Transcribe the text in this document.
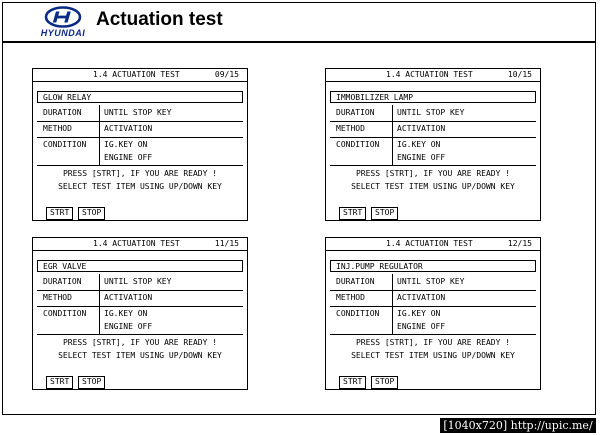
HYUNDAI
Actuation test
1.4 ACTUATION TEST	09/15
GLOW RELAY
DURATION	UNTIL STOP KEY
METHOD	ACTIVATION
CONDITION IG.KEY ON
ENGINE OFF
PRESS [STRT], IF YOU ARE READY !
SELECT TEST ITEM USING UP/DOWN KEY
STRT	STOP
1.4 ACTUATION TEST	10/15
IMMOBILIZER LAMP
DURATION	UNTIL STOP KEY
METHOD	ACTIVATION
CONDITION IG.KEY ON
ENGINE OFF
PRESS [STRT], IF YOU ARE READY !
SELECT TEST ITEM USING UP/DOWN KEY
STRT	STOP
1.4 ACTUATION TEST	11/15
EGR VALVE
DURATION	UNTIL STOP KEY
METHOD	ACTIVATION
CONDITION IG.KEY ON
ENGINE OFF
PRESS [STRT], IF YOU ARE READY !
SELECT TEST ITEM USING UP/DOWN KEY
STRT	STOP
1.4 ACTUATION TEST	12/15
INJ.PUMP REGULATOR
DURATION	UNTIL STOP KEY
METHOD	ACTIVATION
CONDITION IG.KEY ON
ENGINE OFF
PRESS [STRT], IF YOU ARE READY !
SELECT TEST ITEM USING UP/DOWN KEY
STRT	STOP
[1040x720] http://upic.me/
